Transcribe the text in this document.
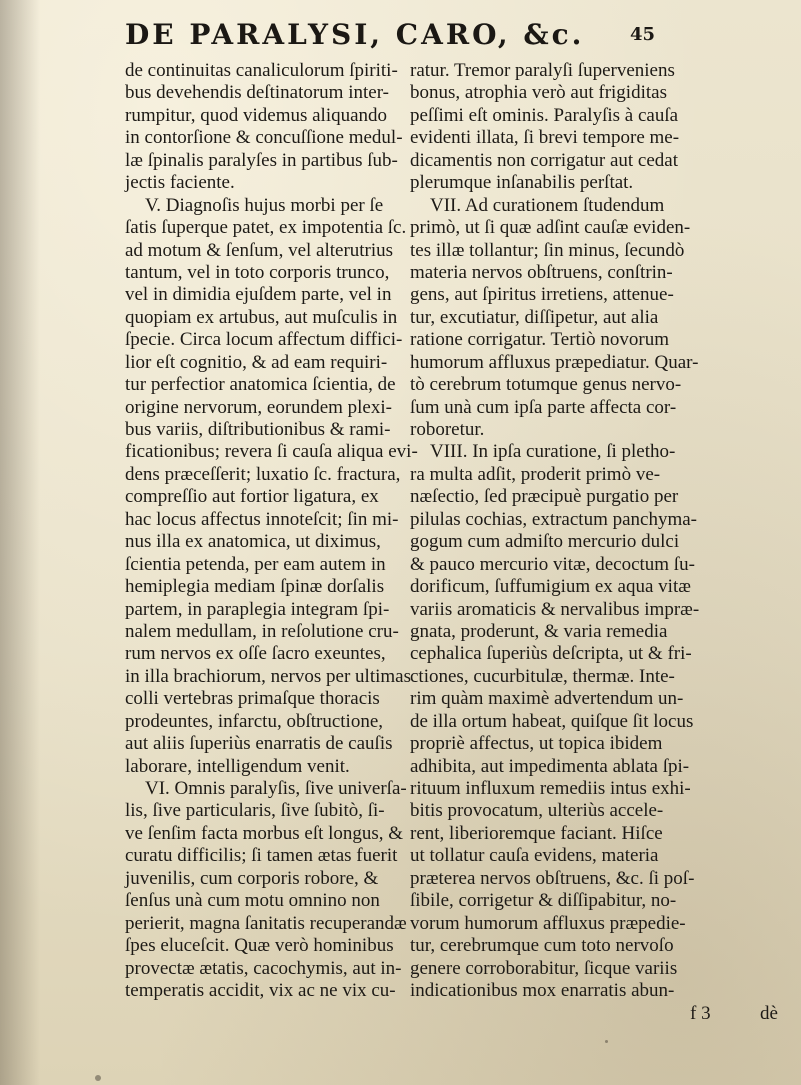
DE PARALYSI, CARO, &c.	45
de continuitas canaliculorum ſpiriti-
bus devehendis deſtinatorum inter-
rumpitur, quod videmus aliquando
in contorſione & concuſſione medul-
læ ſpinalis paralyſes in partibus ſub-
jectis faciente.
V. Diagnoſis hujus morbi per ſe
ſatis ſuperque patet, ex impotentia ſc.
ad motum & ſenſum, vel alterutrius
tantum, vel in toto corporis trunco,
vel in dimidia ejuſdem parte, vel in
quopiam ex artubus, aut muſculis in
ſpecie. Circa locum affectum diffici-
lior eſt cognitio, & ad eam requiri-
tur perfectior anatomica ſcientia, de
origine nervorum, eorundem plexi-
bus variis, diſtributionibus & rami-
ficationibus; revera ſi cauſa aliqua evi-
dens præceſſerit; luxatio ſc. fractura,
compreſſio aut fortior ligatura, ex
hac locus affectus innoteſcit; ſin mi-
nus illa ex anatomica, ut diximus,
ſcientia petenda, per eam autem in
hemiplegia mediam ſpinæ dorſalis
partem, in paraplegia integram ſpi-
nalem medullam, in reſolutione cru-
rum nervos ex oſſe ſacro exeuntes,
in illa brachiorum, nervos per ultimas
colli vertebras primaſque thoracis
prodeuntes, infarctu, obſtructione,
aut aliis ſuperiùs enarratis de cauſis
laborare, intelligendum venit.
VI. Omnis paralyſis, ſive univerſa-
lis, ſive particularis, ſive ſubitò, ſi-
ve ſenſim facta morbus eſt longus, &
curatu difficilis; ſi tamen ætas fuerit
juvenilis, cum corporis robore, &
ſenſus unà cum motu omnino non
perierit, magna ſanitatis recuperandæ
ſpes eluceſcit. Quæ verò hominibus
provectæ ætatis, cacochymis, aut in-
temperatis accidit, vix ac ne vix cu-
ratur. Tremor paralyſi ſuperveniens
bonus, atrophia verò aut frigiditas
peſſimi eſt ominis. Paralyſis à cauſa
evidenti illata, ſi brevi tempore me-
dicamentis non corrigatur aut cedat
plerumque inſanabilis perſtat.
VII. Ad curationem ſtudendum
primò, ut ſi quæ adſint cauſæ eviden-
tes illæ tollantur; ſin minus, ſecundò
materia nervos obſtruens, conſtrin-
gens, aut ſpiritus irretiens, attenue-
tur, excutiatur, diſſipetur, aut alia
ratione corrigatur. Tertiò novorum
humorum affluxus præpediatur. Quar-
tò cerebrum totumque genus nervo-
ſum unà cum ipſa parte affecta cor-
roboretur.
VIII. In ipſa curatione, ſi pletho-
ra multa adſit, proderit primò ve-
næſectio, ſed præcipuè purgatio per
pilulas cochias, extractum panchyma-
gogum cum admiſto mercurio dulci
& pauco mercurio vitæ, decoctum ſu-
dorificum, ſuffumigium ex aqua vitæ
variis aromaticis & nervalibus impræ-
gnata, proderunt, & varia remedia
cephalica ſuperiùs deſcripta, ut & fri-
ctiones, cucurbitulæ, thermæ. Inte-
rim quàm maximè advertendum un-
de illa ortum habeat, quiſque ſit locus
propriè affectus, ut topica ibidem
adhibita, aut impedimenta ablata ſpi-
rituum influxum remediis intus exhi-
bitis provocatum, ulteriùs accele-
rent, liberioremque faciant. Hiſce
ut tollatur cauſa evidens, materia
præterea nervos obſtruens, &c. ſi poſ-
ſibile, corrigetur & diſſipabitur, no-
vorum humorum affluxus præpedie-
tur, cerebrumque cum toto nervoſo
genere corroborabitur, ſicque variis
indicationibus mox enarratis abun-
f 3	dè
